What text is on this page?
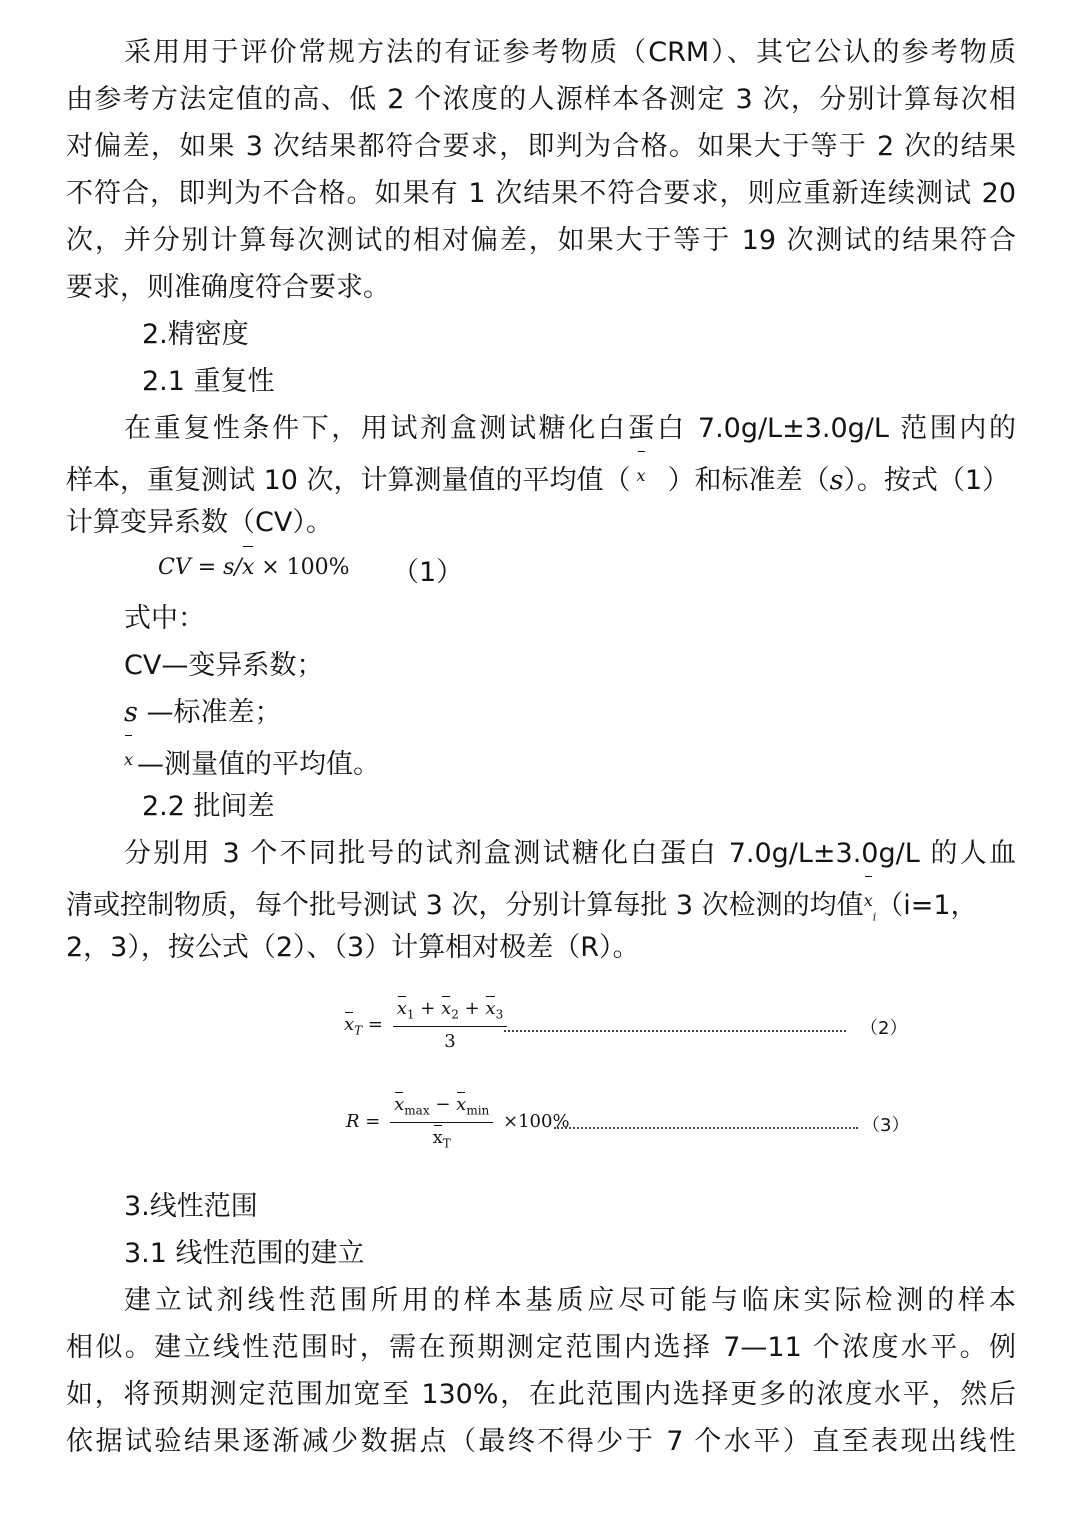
采用用于评价常规方法的有证参考物质（CRM）、其它公认的参考物质
由参考方法定值的高、低 2 个浓度的人源样本各测定 3 次，分别计算每次相
对偏差，如果 3 次结果都符合要求，即判为合格。如果大于等于 2 次的结果
不符合，即判为不合格。如果有 1 次结果不符合要求，则应重新连续测试 20
次，并分别计算每次测试的相对偏差，如果大于等于 19 次测试的结果符合
要求，则准确度符合要求。
2.精密度
2.1 重复性
在重复性条件下，用试剂盒测试糖化白蛋白 7.0g/L±3.0g/L 范围内的
样本，重复测试 10 次，计算测量值的平均值（ x ）和标准差（s）。按式（1）
计算变异系数（CV）。
CV = s/x × 100% （1）
式中：
CV—变异系数；
s —标准差；
x —测量值的平均值。
2.2 批间差
分别用 3 个不同批号的试剂盒测试糖化白蛋白 7.0g/L±3.0g/L 的人血
清或控制物质，每个批号测试 3 次，分别计算每批 3 次检测的均值$x_i(i=1$，
2，3），按公式（2）、（3）计算相对极差（R）。
$x_T = \frac{x_1 + x_2 + x_3}{3}$	（2）
$R = \frac{x_{max} - x_{min}}{x_T} \times 100\%$	（3）
3.线性范围
3.1 线性范围的建立
建立试剂线性范围所用的样本基质应尽可能与临床实际检测的样本
相似。建立线性范围时，需在预期测定范围内选择 7—11 个浓度水平。例
如，将预期测定范围加宽至 130%，在此范围内选择更多的浓度水平，然后
依据试验结果逐渐减少数据点（最终不得少于 7 个水平）直至表现出线性
